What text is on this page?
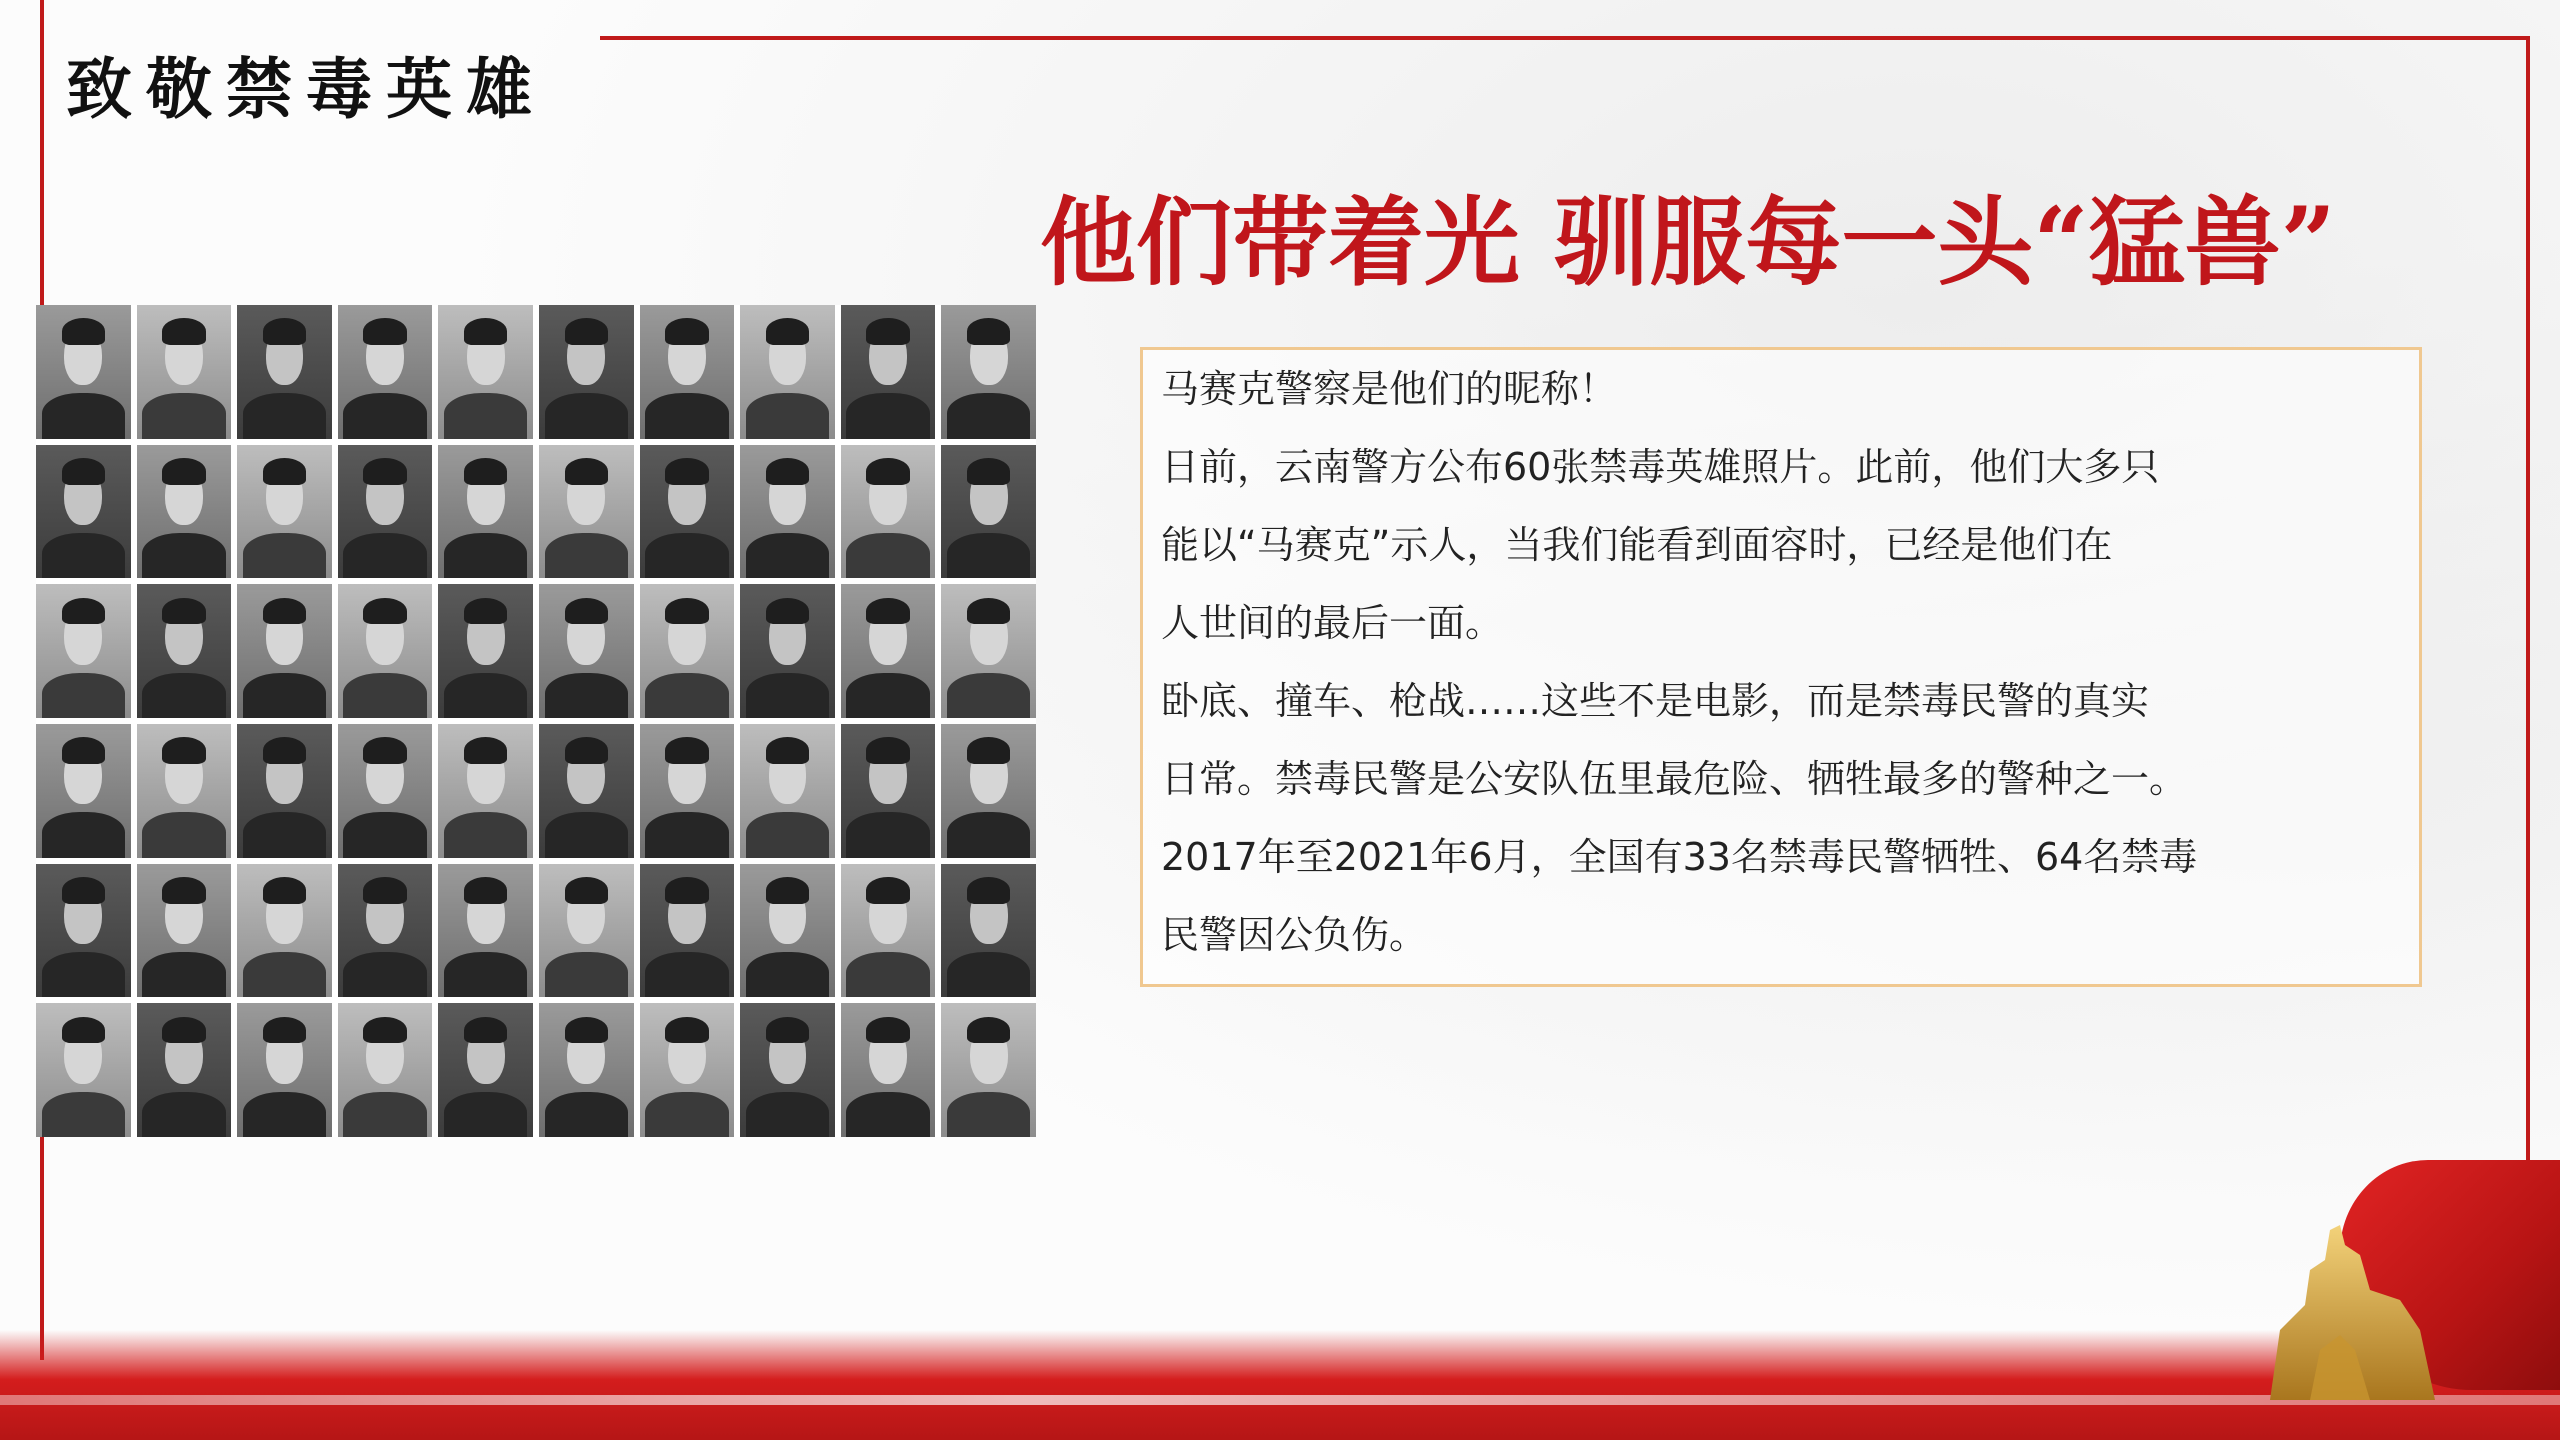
致敬禁毒英雄
他们带着光 驯服每一头“猛兽”

马赛克警察是他们的昵称！

日前，云南警方公布60张禁毒英雄照片。此前，他们大多只

能以“马赛克”示人，当我们能看到面容时，已经是他们在

人世间的最后一面。

卧底、撞车、枪战……这些不是电影，而是禁毒民警的真实

日常。禁毒民警是公安队伍里最危险、牺牲最多的警种之一。

2017年至2021年6月，全国有33名禁毒民警牺牲、64名禁毒

民警因公负伤。
